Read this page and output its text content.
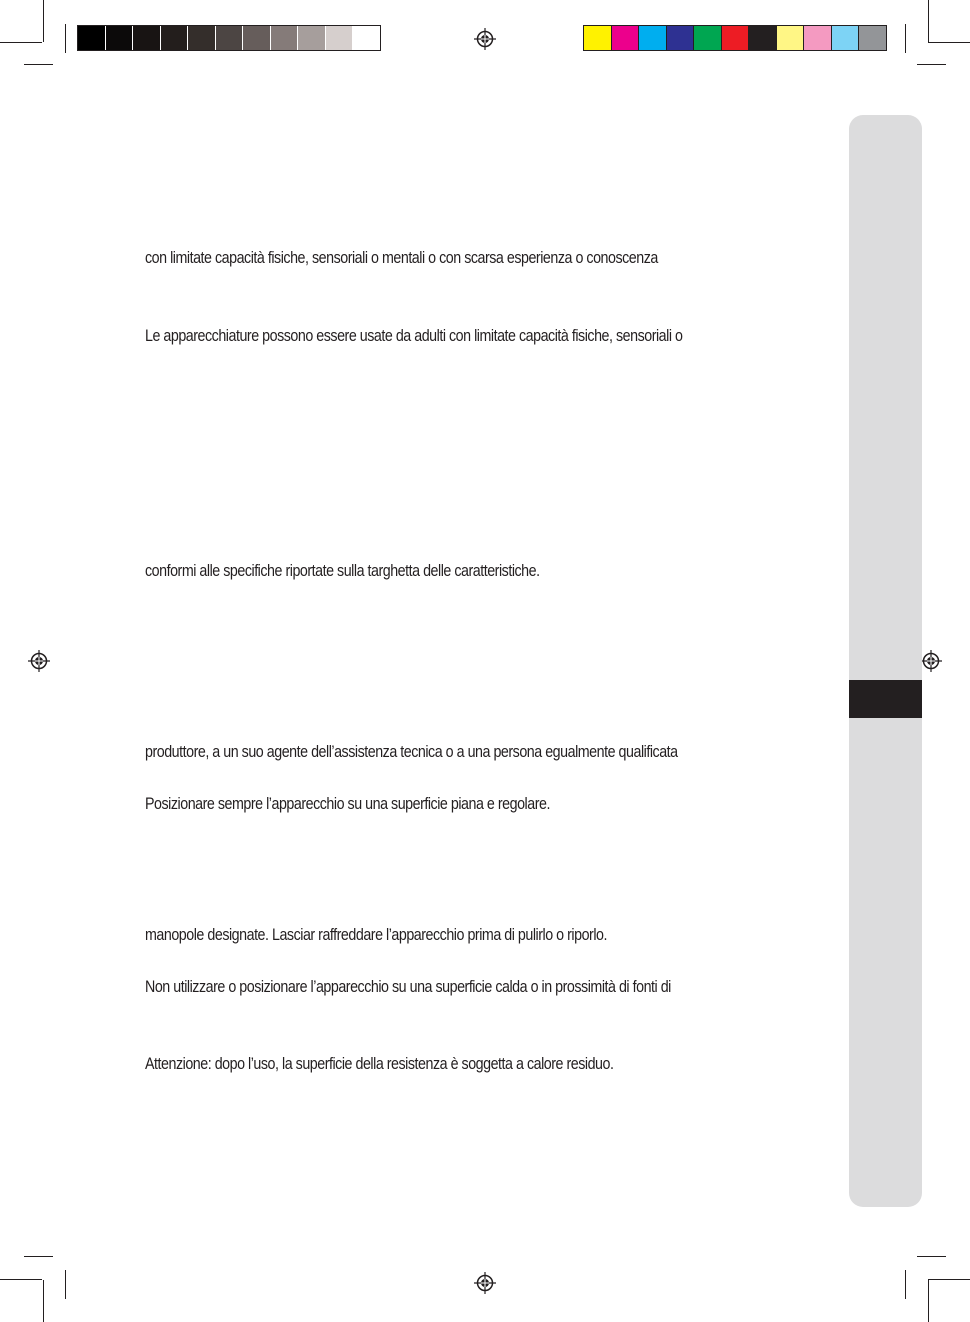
con limitate capacità fisiche, sensoriali o mentali o con scarsa esperienza o conoscenza

Le apparecchiature possono essere usate da adulti con limitate capacità fisiche, sensoriali o

conformi alle specifiche riportate sulla targhetta delle caratteristiche.

produttore, a un suo agente dell’assistenza tecnica o a una persona egualmente qualificata

Posizionare sempre l’apparecchio su una superficie piana e regolare.

manopole designate. Lasciar raffreddare l’apparecchio prima di pulirlo o riporlo.

Non utilizzare o posizionare l’apparecchio su una superficie calda o in prossimità di fonti di

Attenzione: dopo l’uso, la superficie della resistenza è soggetta a calore residuo.
